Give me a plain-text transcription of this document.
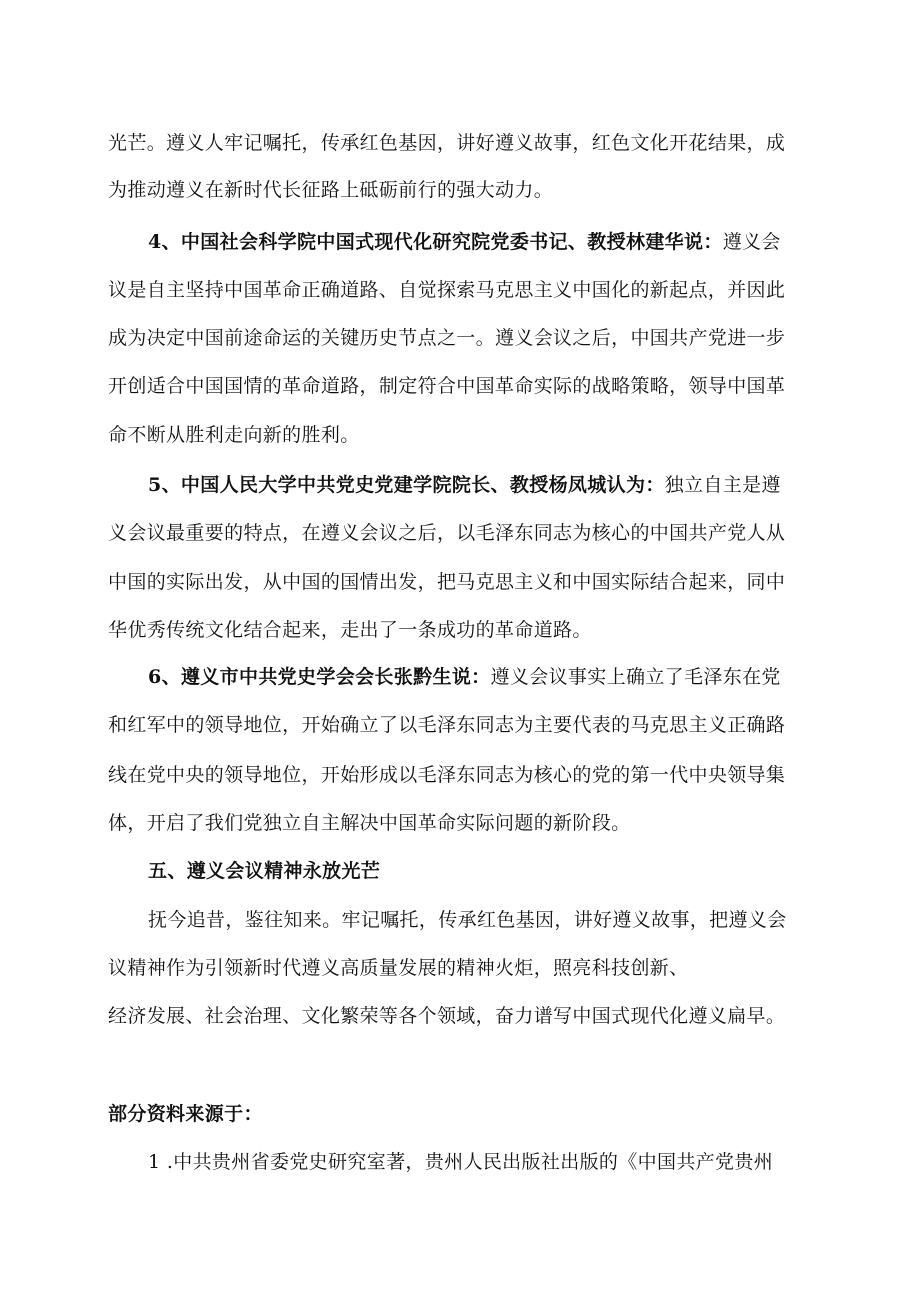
光芒。遵义人牢记嘱托，传承红色基因，讲好遵义故事，红色文化开花结果，成
为推动遵义在新时代长征路上砥砺前行的强大动力。
4、中国社会科学院中国式现代化研究院党委书记、教授林建华说：遵义会
议是自主坚持中国革命正确道路、自觉探索马克思主义中国化的新起点，并因此
成为决定中国前途命运的关键历史节点之一。遵义会议之后，中国共产党进一步
开创适合中国国情的革命道路，制定符合中国革命实际的战略策略，领导中国革
命不断从胜利走向新的胜利。
5、中国人民大学中共党史党建学院院长、教授杨凤城认为：独立自主是遵
义会议最重要的特点，在遵义会议之后，以毛泽东同志为核心的中国共产党人从
中国的实际出发，从中国的国情出发，把马克思主义和中国实际结合起来，同中
华优秀传统文化结合起来，走出了一条成功的革命道路。
6、遵义市中共党史学会会长张黔生说：遵义会议事实上确立了毛泽东在党
和红军中的领导地位，开始确立了以毛泽东同志为主要代表的马克思主义正确路
线在党中央的领导地位，开始形成以毛泽东同志为核心的党的第一代中央领导集
体，开启了我们党独立自主解决中国革命实际问题的新阶段。
五、遵义会议精神永放光芒
抚今追昔，鉴往知来。牢记嘱托，传承红色基因，讲好遵义故事，把遵义会
议精神作为引领新时代遵义高质量发展的精神火炬，照亮科技创新、
经济发展、社会治理、文化繁荣等各个领域，奋力谱写中国式现代化遵义扁早。
部分资料来源于：
1 .中共贵州省委党史研究室著，贵州人民出版社出版的《中国共产党贵州
